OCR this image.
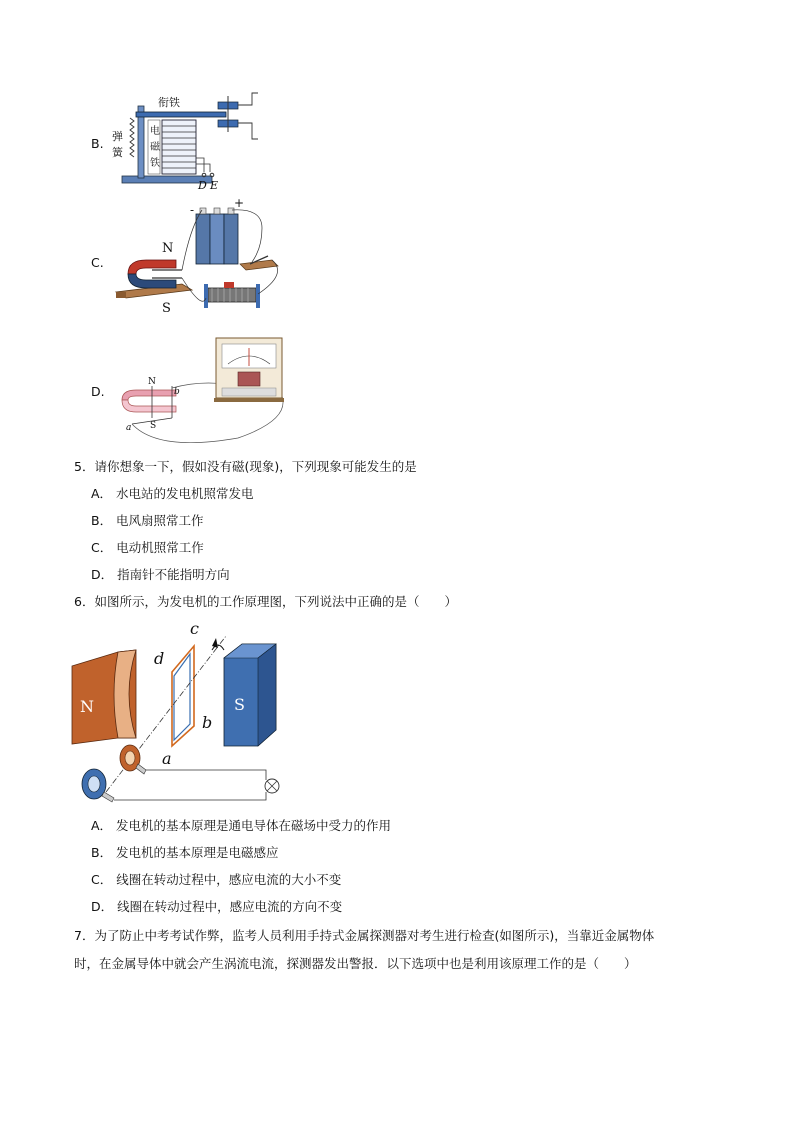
B.
衔铁
弹
簧
电
磁
铁
D E
C.
N
S
-	+
D.
N
S
a
b
5．请你想象一下，假如没有磁(现象)，下列现象可能发生的是
A． 水电站的发电机照常发电
B． 电风扇照常工作
C． 电动机照常工作
D． 指南针不能指明方向
6．如图所示，为发电机的工作原理图，下列说法中正确的是（　　）
N	S
c
d
b
a
A． 发电机的基本原理是通电导体在磁场中受力的作用
B． 发电机的基本原理是电磁感应
C． 线圈在转动过程中，感应电流的大小不变
D． 线圈在转动过程中，感应电流的方向不变
7．为了防止中考考试作弊，监考人员利用手持式金属探测器对考生进行检查(如图所示)，当靠近金属物体
时，在金属导体中就会产生涡流电流，探测器发出警报．以下选项中也是利用该原理工作的是（　　）
